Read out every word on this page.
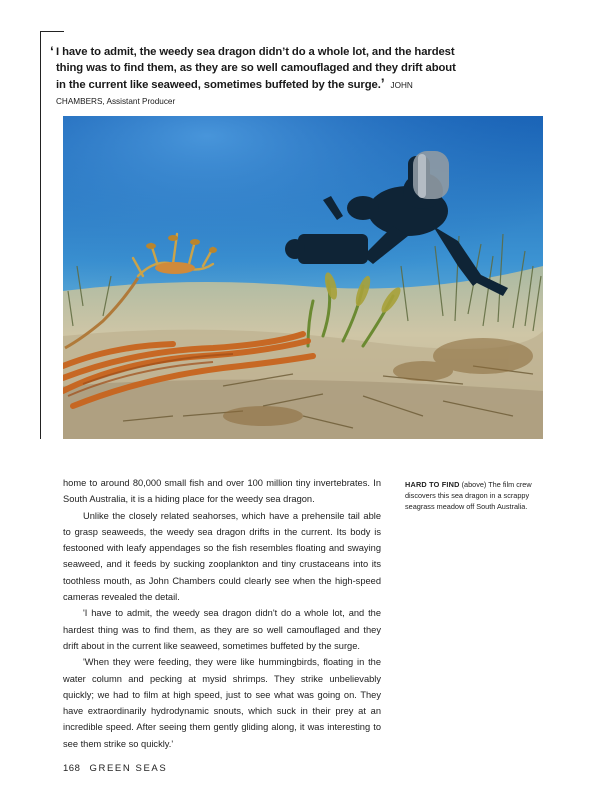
‘ I have to admit, the weedy sea dragon didn’t do a whole lot, and the hardest thing was to find them, as they are so well camouflaged and they drift about in the current like seaweed, sometimes buffeted by the surge.’ JOHN CHAMBERS, Assistant Producer

home to around 80,000 small fish and over 100 million tiny invertebrates. In South Australia, it is a hiding place for the weedy sea dragon.

Unlike the closely related seahorses, which have a prehensile tail able to grasp seaweeds, the weedy sea dragon drifts in the current. Its body is festooned with leafy appendages so the fish resembles floating and swaying seaweed, and it feeds by sucking zooplankton and tiny crustaceans into its toothless mouth, as John Chambers could clearly see when the high-speed cameras revealed the detail.

'I have to admit, the weedy sea dragon didn't do a whole lot, and the hardest thing was to find them, as they are so well camouflaged and they drift about in the current like seaweed, sometimes buffeted by the surge.

'When they were feeding, they were like hummingbirds, floating in the water column and pecking at mysid shrimps. They strike unbelievably quickly; we had to film at high speed, just to see what was going on. They have extraordinarily hydrodynamic snouts, which suck in their prey at an incredible speed. After seeing them gently gliding along, it was interesting to see them strike so quickly.'

HARD TO FIND (above) The film crew discovers this sea dragon in a scrappy seagrass meadow off South Australia.
168 GREEN SEAS
